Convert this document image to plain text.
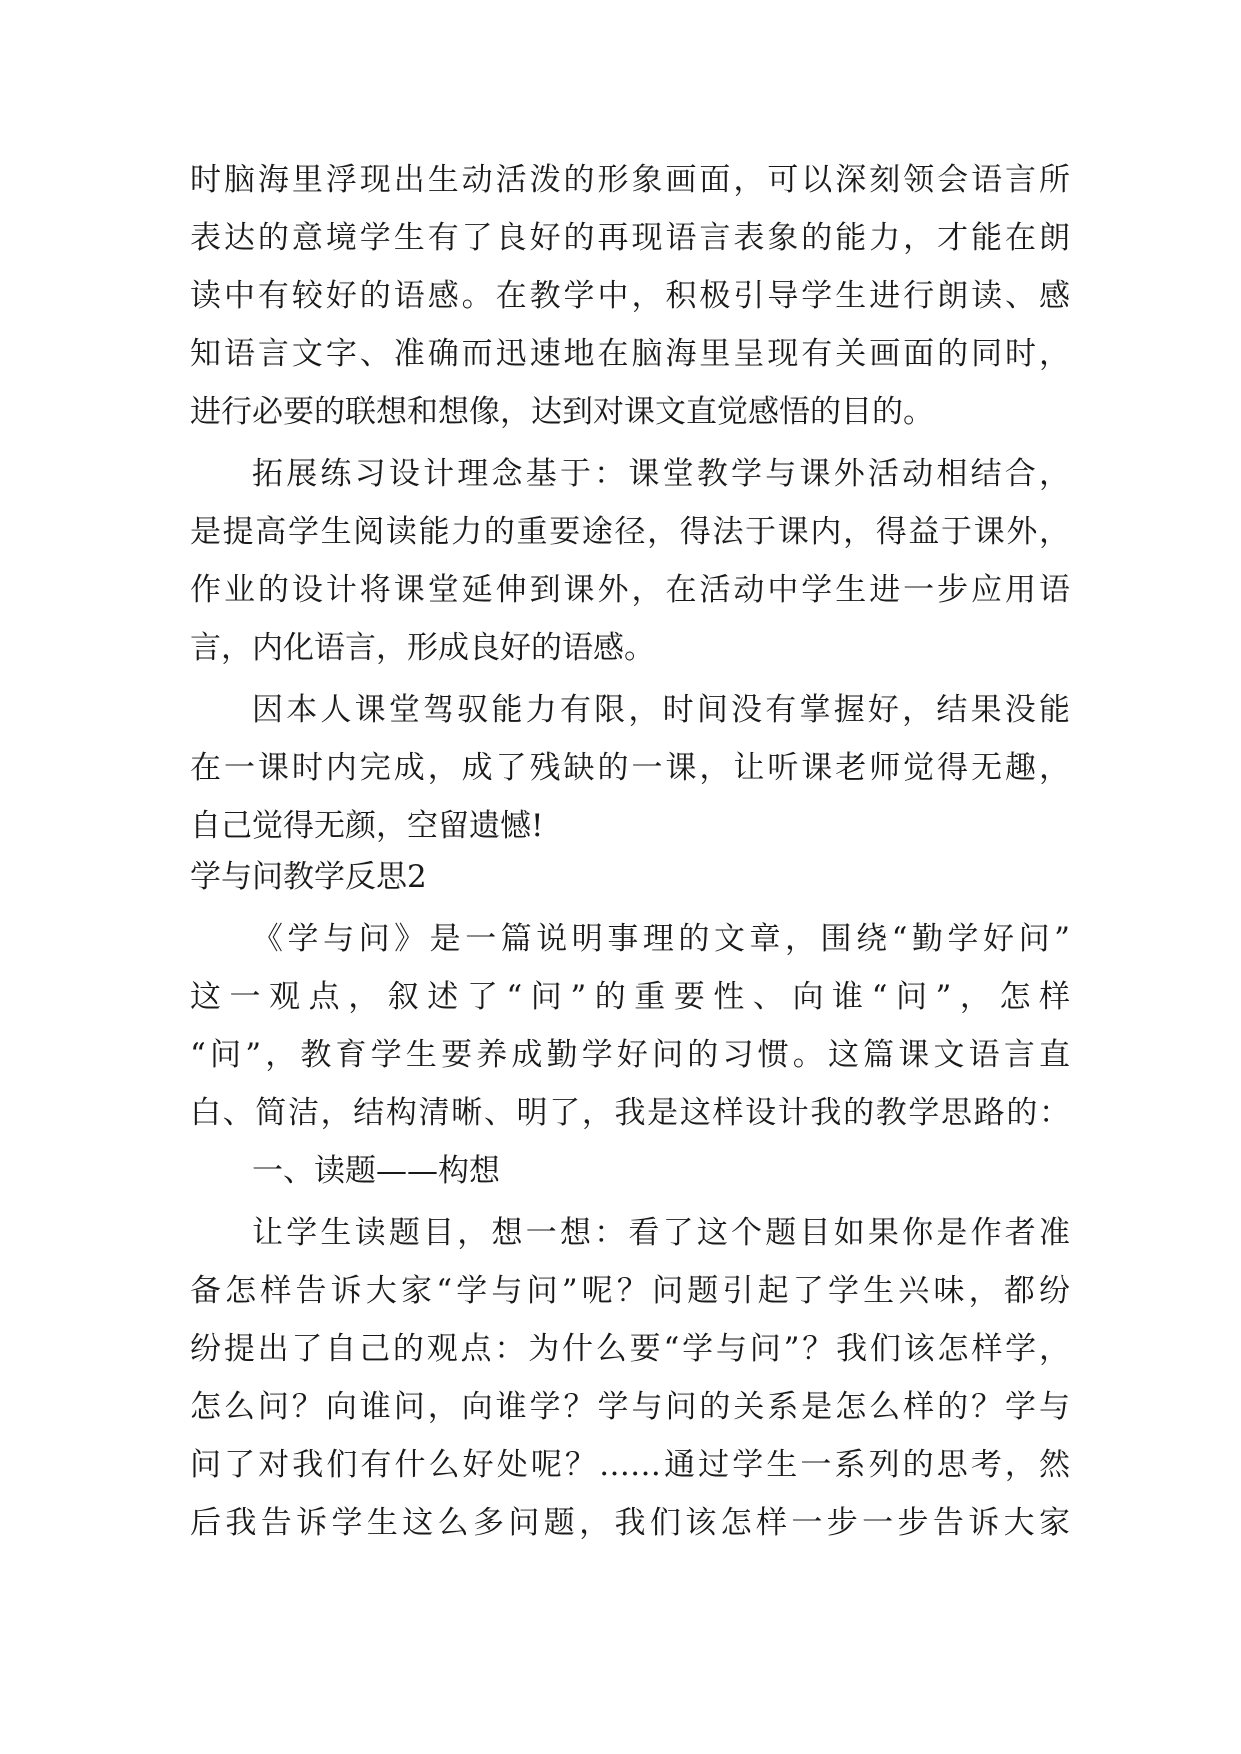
时脑海里浮现出生动活泼的形象画面，可以深刻领会语言所
表达的意境学生有了良好的再现语言表象的能力，才能在朗
读中有较好的语感。在教学中，积极引导学生进行朗读、感
知语言文字、准确而迅速地在脑海里呈现有关画面的同时，
进行必要的联想和想像，达到对课文直觉感悟的目的。
拓展练习设计理念基于：课堂教学与课外活动相结合，
是提高学生阅读能力的重要途径，得法于课内，得益于课外，
作业的设计将课堂延伸到课外，在活动中学生进一步应用语
言，内化语言，形成良好的语感。
因本人课堂驾驭能力有限，时间没有掌握好，结果没能
在一课时内完成，成了残缺的一课，让听课老师觉得无趣，
自己觉得无颜，空留遗憾!
学与问教学反思2
《学与问》是一篇说明事理的文章，围绕“勤学好问”
这一观点，叙述了“问”的重要性、向谁“问”，怎样
“问”，教育学生要养成勤学好问的习惯。这篇课文语言直
白、简洁，结构清晰、明了，我是这样设计我的教学思路的：
一、读题——构想
让学生读题目，想一想：看了这个题目如果你是作者准
备怎样告诉大家“学与问”呢？问题引起了学生兴味，都纷
纷提出了自己的观点：为什么要“学与问”？我们该怎样学，
怎么问？向谁问，向谁学？学与问的关系是怎么样的？学与
问了对我们有什么好处呢？……通过学生一系列的思考，然
后我告诉学生这么多问题，我们该怎样一步一步告诉大家
